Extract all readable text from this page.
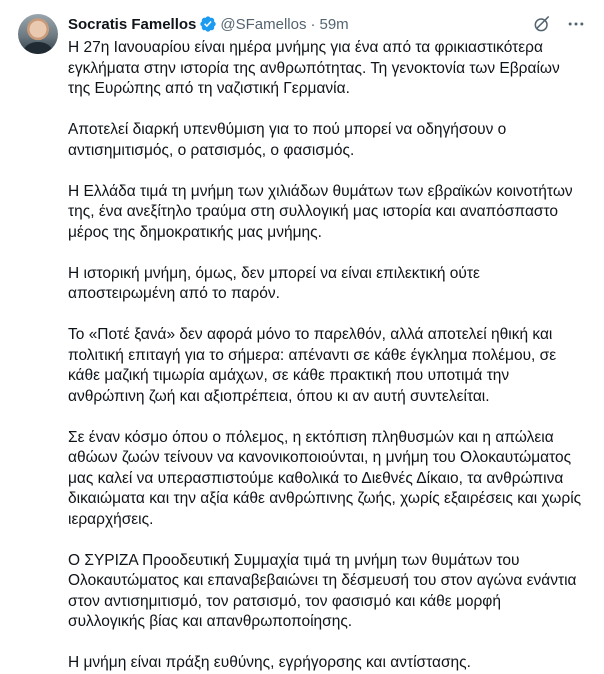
Socratis Famellos @SFamellos · 59m

Η 27η Ιανουαρίου είναι ημέρα μνήμης για ένα από τα φρικιαστικότερα εγκλήματα στην ιστορία της ανθρωπότητας. Τη γενοκτονία των Εβραίων της Ευρώπης από τη ναζιστική Γερμανία.

Αποτελεί διαρκή υπενθύμιση για το πού μπορεί να οδηγήσουν ο αντισημιτισμός, ο ρατσισμός, ο φασισμός.

Η Ελλάδα τιμά τη μνήμη των χιλιάδων θυμάτων των εβραϊκών κοινοτήτων της, ένα ανεξίτηλο τραύμα στη συλλογική μας ιστορία και αναπόσπαστο μέρος της δημοκρατικής μας μνήμης.

Η ιστορική μνήμη, όμως, δεν μπορεί να είναι επιλεκτική ούτε αποστειρωμένη από το παρόν.

Το «Ποτέ ξανά» δεν αφορά μόνο το παρελθόν, αλλά αποτελεί ηθική και πολιτική επιταγή για το σήμερα: απέναντι σε κάθε έγκλημα πολέμου, σε κάθε μαζική τιμωρία αμάχων, σε κάθε πρακτική που υποτιμά την ανθρώπινη ζωή και αξιοπρέπεια, όπου κι αν αυτή συντελείται.

Σε έναν κόσμο όπου ο πόλεμος, η εκτόπιση πληθυσμών και η απώλεια αθώων ζωών τείνουν να κανονικοποιούνται, η μνήμη του Ολοκαυτώματος μας καλεί να υπερασπιστούμε καθολικά το Διεθνές Δίκαιο, τα ανθρώπινα δικαιώματα και την αξία κάθε ανθρώπινης ζωής, χωρίς εξαιρέσεις και χωρίς ιεραρχήσεις.

Ο ΣΥΡΙΖΑ Προοδευτική Συμμαχία τιμά τη μνήμη των θυμάτων του Ολοκαυτώματος και επαναβεβαιώνει τη δέσμευσή του στον αγώνα ενάντια στον αντισημιτισμό, τον ρατσισμό, τον φασισμό και κάθε μορφή συλλογικής βίας και απανθρωποποίησης.

Η μνήμη είναι πράξη ευθύνης, εγρήγορσης και αντίστασης.
